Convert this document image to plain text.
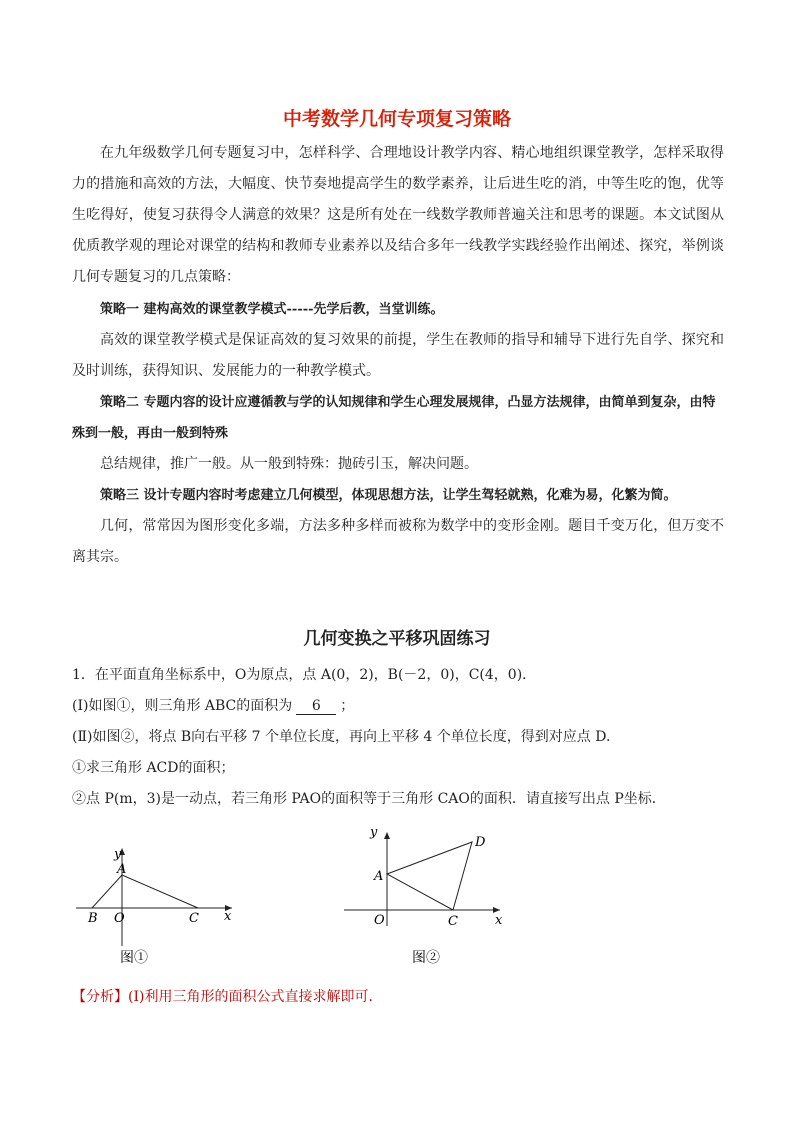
中考数学几何专项复习策略

在九年级数学几何专题复习中，怎样科学、合理地设计教学内容、精心地组织课堂教学，怎样采取得力的措施和高效的方法，大幅度、快节奏地提高学生的数学素养，让后进生吃的消，中等生吃的饱，优等生吃得好，使复习获得令人满意的效果？这是所有处在一线数学教师普遍关注和思考的课题。本文试图从优质教学观的理论对课堂的结构和教师专业素养以及结合多年一线教学实践经验作出阐述、探究，举例谈几何专题复习的几点策略：

策略一 建构高效的课堂教学模式-----先学后教，当堂训练。

高效的课堂教学模式是保证高效的复习效果的前提，学生在教师的指导和辅导下进行先自学、探究和及时训练，获得知识、发展能力的一种教学模式。

策略二 专题内容的设计应遵循教与学的认知规律和学生心理发展规律，凸显方法规律，由简单到复杂，由特殊到一般，再由一般到特殊

总结规律，推广一般。从一般到特殊：抛砖引玉，解决问题。

策略三 设计专题内容时考虑建立几何模型，体现思想方法，让学生驾轻就熟，化难为易，化繁为简。

几何，常常因为图形变化多端，方法多种多样而被称为数学中的变形金刚。题目千变万化，但万变不离其宗。

几何变换之平移巩固练习
1．在平面直角坐标系中，O为原点，点 A(0，2)，B(－2，0)，C(4，0)．
(Ⅰ)如图①，则三角形 ABC的面积为 6 ；
(Ⅱ)如图②，将点 B向右平移 7 个单位长度，再向上平移 4 个单位长度，得到对应点 D.
①求三角形 ACD的面积；
②点 P(m，3)是一动点，若三角形 PAO的面积等于三角形 CAO的面积．请直接写出点 P坐标．
y
x
A
B O	C
图①
y
x
A
D
O	C
图②
【分析】(Ⅰ)利用三角形的面积公式直接求解即可．
